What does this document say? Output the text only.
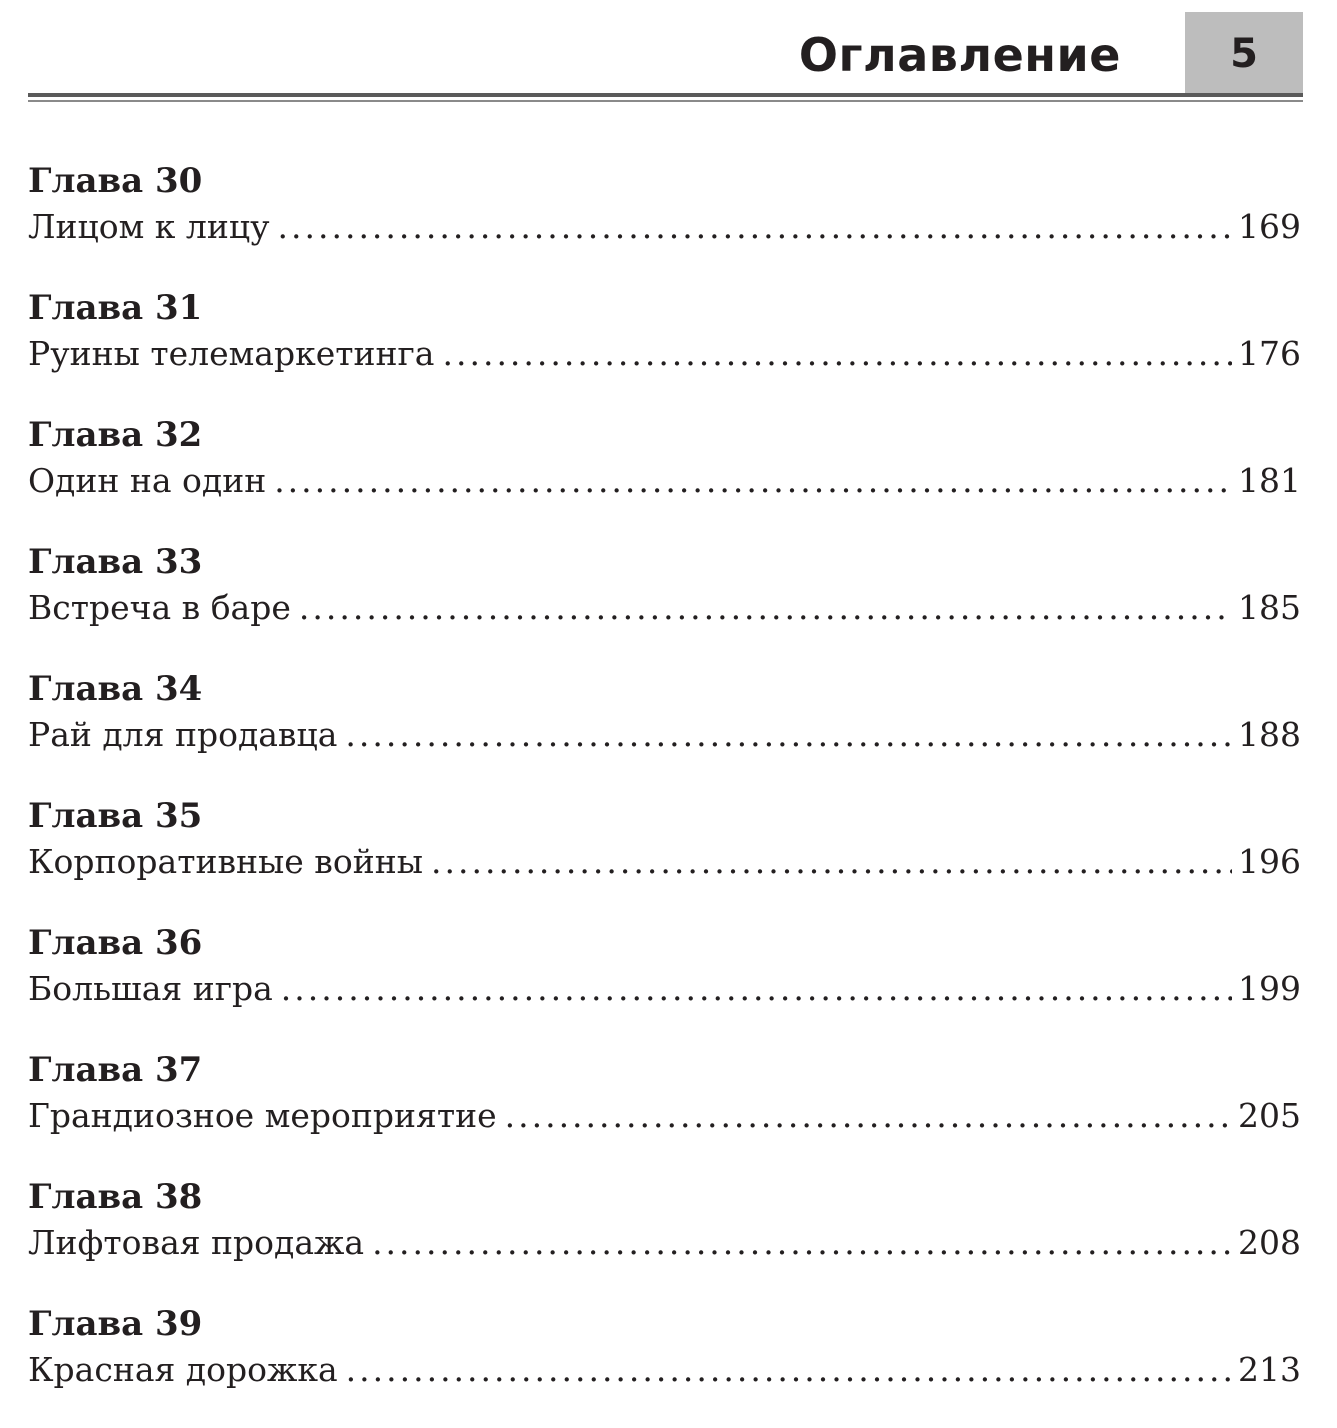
Оглавление	5
Глава 30
Лицом к лицу .....	169
Глава 31
Руины телемаркетинга .....	176
Глава 32
Один на один .....	181
Глава 33
Встреча в баре .....	185
Глава 34
Рай для продавца .....	188
Глава 35
Корпоративные войны .....	196
Глава 36
Большая игра .....	199
Глава 37
Грандиозное мероприятие .....	205
Глава 38
Лифтовая продажа .....	208
Глава 39
Красная дорожка .....	213
